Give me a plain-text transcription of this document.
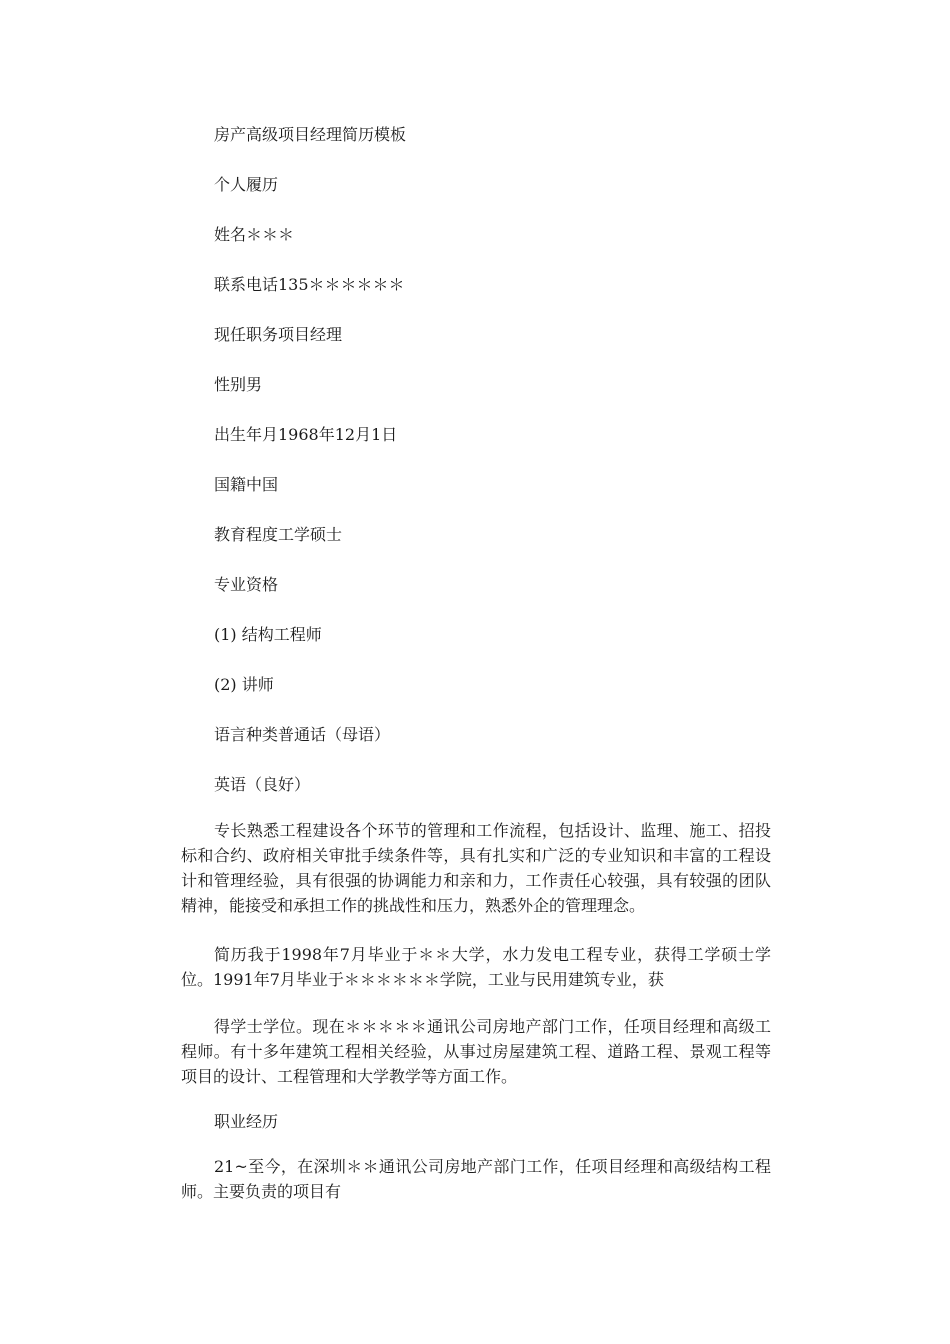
房产高级项目经理简历模板

个人履历

姓名＊＊＊

联系电话135＊＊＊＊＊＊

现任职务项目经理

性别男

出生年月1968年12月1日

国籍中国

教育程度工学硕士

专业资格

(1) 结构工程师

(2) 讲师

语言种类普通话（母语）

英语（良好）

专长熟悉工程建设各个环节的管理和工作流程，包括设计、监理、施工、招投标和合约、政府相关审批手续条件等，具有扎实和广泛的专业知识和丰富的工程设计和管理经验，具有很强的协调能力和亲和力，工作责任心较强，具有较强的团队精神，能接受和承担工作的挑战性和压力，熟悉外企的管理理念。

简历我于1998年7月毕业于＊＊大学，水力发电工程专业，获得工学硕士学位。1991年7月毕业于＊＊＊＊＊＊学院，工业与民用建筑专业，获

得学士学位。现在＊＊＊＊＊通讯公司房地产部门工作，任项目经理和高级工程师。有十多年建筑工程相关经验，从事过房屋建筑工程、道路工程、景观工程等项目的设计、工程管理和大学教学等方面工作。

职业经历

21~至今，在深圳＊＊通讯公司房地产部门工作，任项目经理和高级结构工程师。主要负责的项目有
